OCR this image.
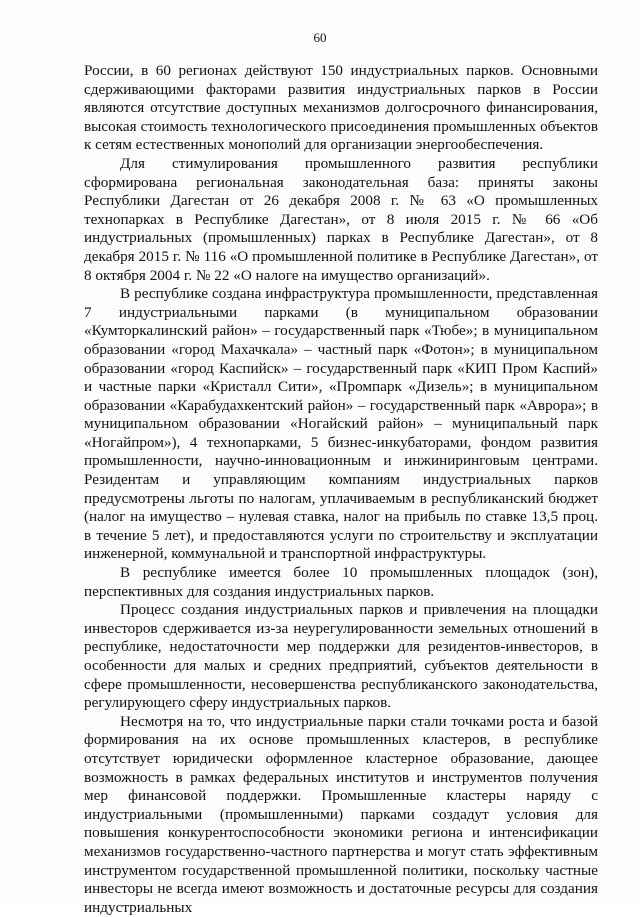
60

России, в 60 регионах действуют 150 индустриальных парков. Основными сдерживающими факторами развития индустриальных парков в России являются отсутствие доступных механизмов долгосрочного финансирования, высокая стоимость технологического присоединения промышленных объектов к сетям естественных монополий для организации энергообеспечения.

Для стимулирования промышленного развития республики сформирована региональная законодательная база: приняты законы Республики Дагестан от 26 декабря 2008 г. № 63 «О промышленных технопарках в Республике Дагестан», от 8 июля 2015 г. № 66 «Об индустриальных (промышленных) парках в Республике Дагестан», от 8 декабря 2015 г. № 116 «О промышленной политике в Республике Дагестан», от 8 октября 2004 г. № 22 «О налоге на имущество организаций».

В республике создана инфраструктура промышленности, представленная 7 индустриальными парками (в муниципальном образовании «Кумторкалинский район» – государственный парк «Тюбе»; в муниципальном образовании «город Махачкала» – частный парк «Фотон»; в муниципальном образовании «город Каспийск» – государственный парк «КИП Пром Каспий» и частные парки «Кристалл Сити», «Промпарк «Дизель»; в муниципальном образовании «Карабудахкентский район» – государственный парк «Аврора»; в муниципальном образовании «Ногайский район» – муниципальный парк «Ногайпром»), 4 технопарками, 5 бизнес-инкубаторами, фондом развития промышленности, научно-инновационным и инжиниринговым центрами. Резидентам и управляющим компаниям индустриальных парков предусмотрены льготы по налогам, уплачиваемым в республиканский бюджет (налог на имущество – нулевая ставка, налог на прибыль по ставке 13,5 проц. в течение 5 лет), и предоставляются услуги по строительству и эксплуатации инженерной, коммунальной и транспортной инфраструктуры.

В республике имеется более 10 промышленных площадок (зон), перспективных для создания индустриальных парков.

Процесс создания индустриальных парков и привлечения на площадки инвесторов сдерживается из-за неурегулированности земельных отношений в республике, недостаточности мер поддержки для резидентов-инвесторов, в особенности для малых и средних предприятий, субъектов деятельности в сфере промышленности, несовершенства республиканского законодательства, регулирующего сферу индустриальных парков.

Несмотря на то, что индустриальные парки стали точками роста и базой формирования на их основе промышленных кластеров, в республике отсутствует юридически оформленное кластерное образование, дающее возможность в рамках федеральных институтов и инструментов получения мер финансовой поддержки. Промышленные кластеры наряду с индустриальными (промышленными) парками создадут условия для повышения конкурентоспособности экономики региона и интенсификации механизмов государственно-частного партнерства и могут стать эффективным инструментом государственной промышленной политики, поскольку частные инвесторы не всегда имеют возможность и достаточные ресурсы для создания индустриальных
